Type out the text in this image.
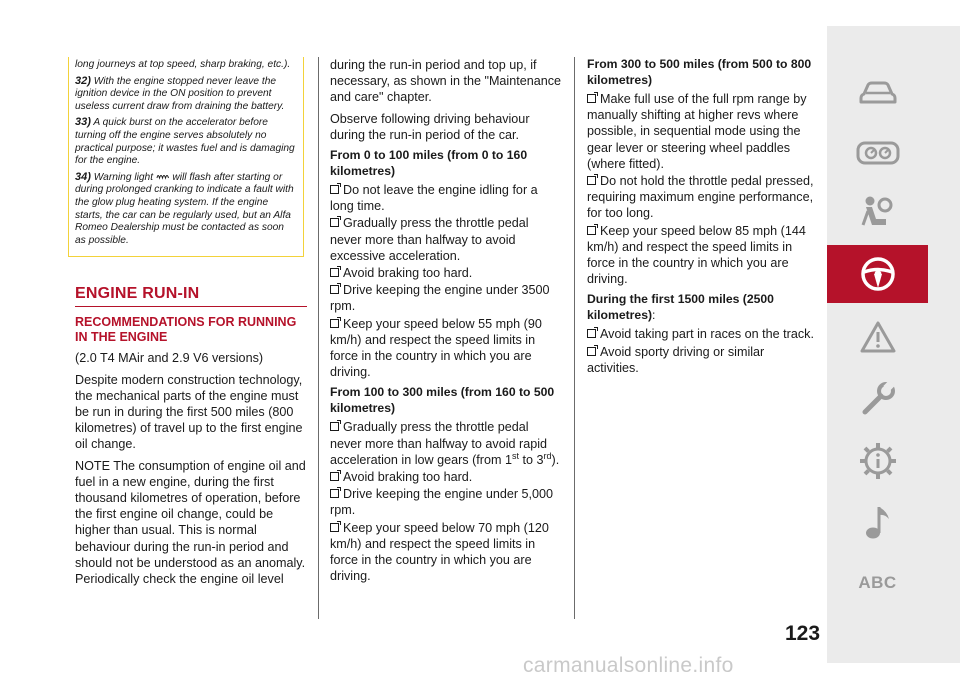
long journeys at top speed, sharp braking, etc.).

32) With the engine stopped never leave the ignition device in the ON position to prevent useless current draw from draining the battery.

33) A quick burst on the accelerator before turning off the engine serves absolutely no practical purpose; it wastes fuel and is damaging for the engine.

34) Warning light will flash after starting or during prolonged cranking to indicate a fault with the glow plug heating system. If the engine starts, the car can be regularly used, but an Alfa Romeo Dealership must be contacted as soon as possible.

ENGINE RUN-IN
RECOMMENDATIONS FOR RUNNING IN THE ENGINE

(2.0 T4 MAir and 2.9 V6 versions)

Despite modern construction technology, the mechanical parts of the engine must be run in during the first 500 miles (800 kilometres) of travel up to the first engine oil change.

NOTE The consumption of engine oil and fuel in a new engine, during the first thousand kilometres of operation, before the first engine oil change, could be higher than usual. This is normal behaviour during the run-in period and should not be understood as an anomaly. Periodically check the engine oil level

during the run-in period and top up, if necessary, as shown in the "Maintenance and care" chapter.

Observe following driving behaviour during the run-in period of the car.

From 0 to 100 miles (from 0 to 160 kilometres)
Do not leave the engine idling for a long time.
Gradually press the throttle pedal never more than halfway to avoid excessive acceleration.
Avoid braking too hard.
Drive keeping the engine under 3500 rpm.
Keep your speed below 55 mph (90 km/h) and respect the speed limits in force in the country in which you are driving.
From 100 to 300 miles (from 160 to 500 kilometres)
Gradually press the throttle pedal never more than halfway to avoid rapid acceleration in low gears (from 1st to 3rd).
Avoid braking too hard.
Drive keeping the engine under 5,000 rpm.
Keep your speed below 70 mph (120 km/h) and respect the speed limits in force in the country in which you are driving.
From 300 to 500 miles (from 500 to 800 kilometres)
Make full use of the full rpm range by manually shifting at higher revs where possible, in sequential mode using the gear lever or steering wheel paddles (where fitted).
Do not hold the throttle pedal pressed, requiring maximum engine performance, for too long.
Keep your speed below 85 mph (144 km/h) and respect the speed limits in force in the country in which you are driving.
During the first 1500 miles (2500 kilometres):
Avoid taking part in races on the track.
Avoid sporty driving or similar activities.
ABC
123
carmanualsonline.info
